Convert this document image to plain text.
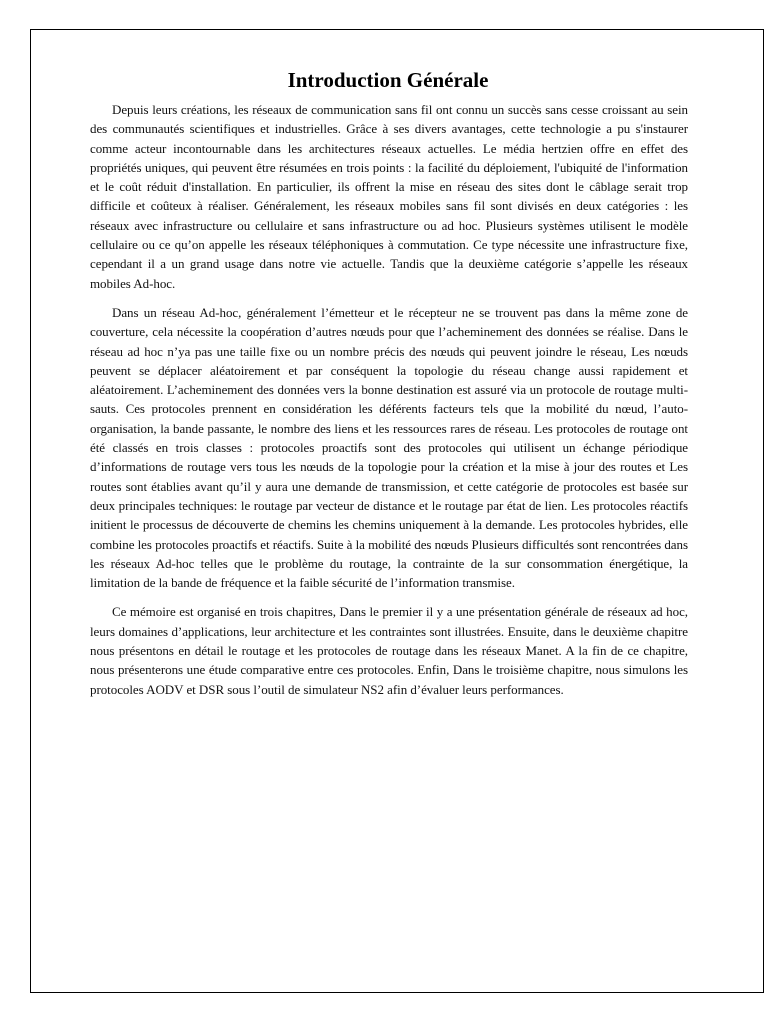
Introduction Générale

Depuis leurs créations, les réseaux de communication sans fil ont connu un succès sans cesse croissant au sein des communautés scientifiques et industrielles. Grâce à ses divers avantages, cette technologie a pu s'instaurer comme acteur incontournable dans les architectures réseaux actuelles. Le média hertzien offre en effet des propriétés uniques, qui peuvent être résumées en trois points : la facilité du déploiement, l'ubiquité de l'information et le coût réduit d'installation. En particulier, ils offrent la mise en réseau des sites dont le câblage serait trop difficile et coûteux à réaliser. Généralement, les réseaux mobiles sans fil sont divisés en deux catégories : les réseaux avec infrastructure ou cellulaire et sans infrastructure ou ad hoc. Plusieurs systèmes utilisent le modèle cellulaire ou ce qu’on appelle les réseaux téléphoniques à commutation. Ce type nécessite une infrastructure fixe, cependant il a un grand usage dans notre vie actuelle. Tandis que la deuxième catégorie s’appelle les réseaux mobiles Ad-hoc.

Dans un réseau Ad-hoc, généralement l’émetteur et le récepteur ne se trouvent pas dans la même zone de couverture, cela nécessite la coopération d’autres nœuds pour que l’acheminement des données se réalise. Dans le réseau ad hoc n’ya pas une taille fixe ou un nombre précis des nœuds qui peuvent joindre le réseau, Les nœuds peuvent se déplacer aléatoirement et par conséquent la topologie du réseau change aussi rapidement et aléatoirement. L’acheminement des données vers la bonne destination est assuré via un protocole de routage multi-sauts. Ces protocoles prennent en considération les déférents facteurs tels que la mobilité du nœud, l’auto-organisation, la bande passante, le nombre des liens et les ressources rares de réseau. Les protocoles de routage ont été classés en trois classes : protocoles proactifs sont des protocoles qui utilisent un échange périodique d’informations de routage vers tous les nœuds de la topologie pour la création et la mise à jour des routes et Les routes sont établies avant qu’il y aura une demande de transmission, et cette catégorie de protocoles est basée sur deux principales techniques: le routage par vecteur de distance et le routage par état de lien. Les protocoles réactifs initient le processus de découverte de chemins les chemins uniquement à la demande. Les protocoles hybrides, elle combine les protocoles proactifs et réactifs. Suite à la mobilité des nœuds Plusieurs difficultés sont rencontrées dans les réseaux Ad-hoc telles que le problème du routage, la contrainte de la sur consommation énergétique, la limitation de la bande de fréquence et la faible sécurité de l’information transmise.

Ce mémoire est organisé en trois chapitres, Dans le premier il y a une présentation générale de réseaux ad hoc, leurs domaines d’applications, leur architecture et les contraintes sont illustrées. Ensuite, dans le deuxième chapitre nous présentons en détail le routage et les protocoles de routage dans les réseaux Manet. A la fin de ce chapitre, nous présenterons une étude comparative entre ces protocoles. Enfin, Dans le troisième chapitre, nous simulons les protocoles AODV et DSR sous l’outil de simulateur NS2 afin d’évaluer leurs performances.
